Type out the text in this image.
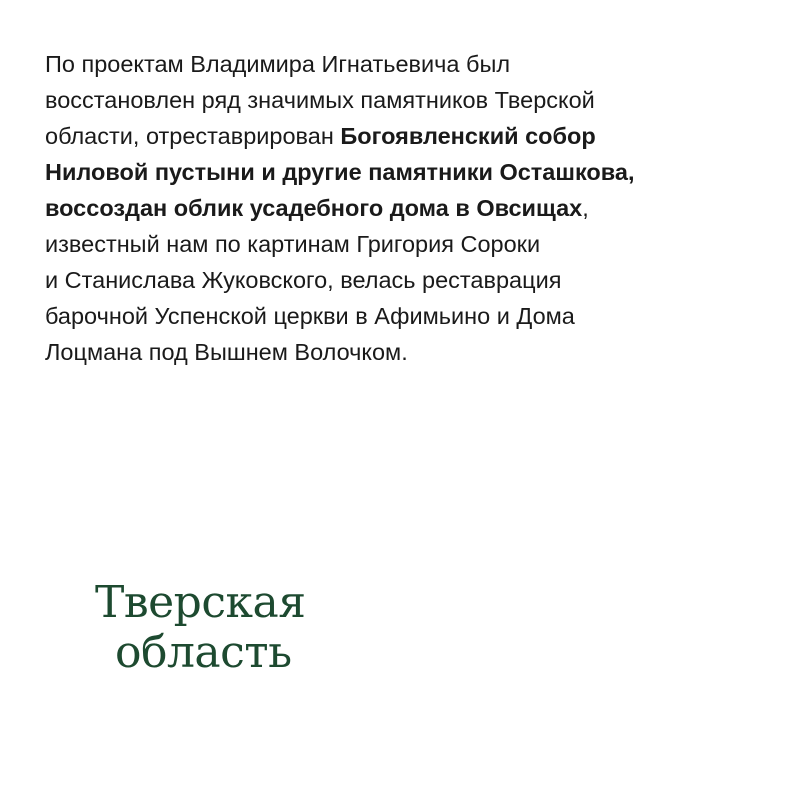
По проектам Владимира Игнатьевича был
восстановлен ряд значимых памятников Тверской
области, отреставрирован Богоявленский собор
Ниловой пустыни и другие памятники Осташкова,
воссоздан облик усадебного дома в Овсищах,
известный нам по картинам Григория Сороки
и Станислава Жуковского, велась реставрация
барочной Успенской церкви в Афимьино и Дома
Лоцмана под Вышнем Волочком.

Тверская
область
